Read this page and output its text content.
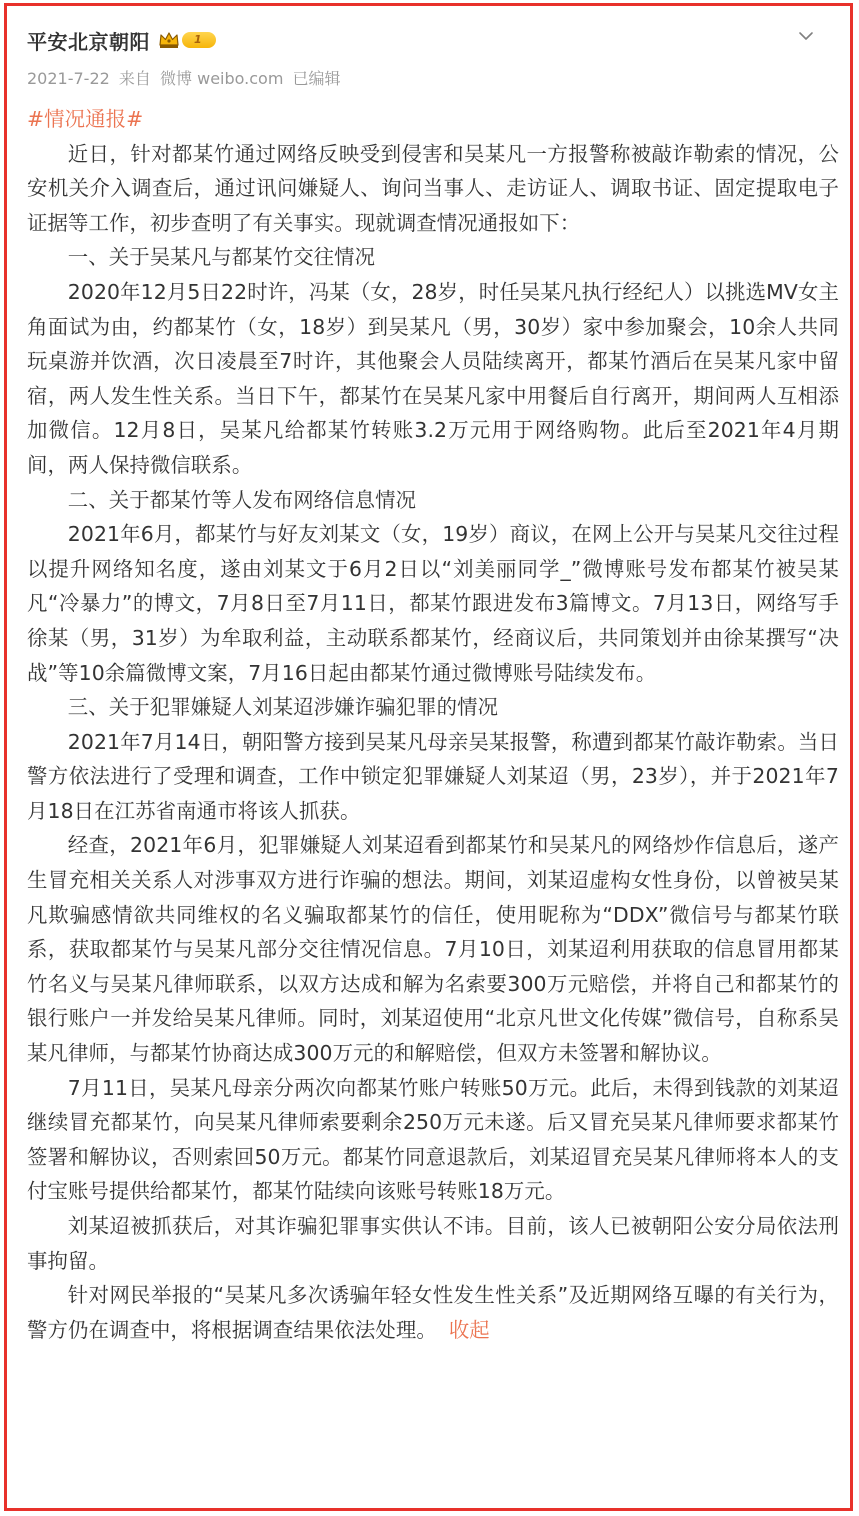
平安北京朝阳	1
2021-7-22 来自 微博 weibo.com 已编辑
#情况通报#

近日，针对都某竹通过网络反映受到侵害和吴某凡一方报警称被敲诈勒索的情况，公安机关介入调查后，通过讯问嫌疑人、询问当事人、走访证人、调取书证、固定提取电子证据等工作，初步查明了有关事实。现就调查情况通报如下：

一、关于吴某凡与都某竹交往情况

2020年12月5日22时许，冯某（女，28岁，时任吴某凡执行经纪人）以挑选MV女主角面试为由，约都某竹（女，18岁）到吴某凡（男，30岁）家中参加聚会，10余人共同玩桌游并饮酒，次日凌晨至7时许，其他聚会人员陆续离开，都某竹酒后在吴某凡家中留宿，两人发生性关系。当日下午，都某竹在吴某凡家中用餐后自行离开，期间两人互相添加微信。12月8日，吴某凡给都某竹转账3.2万元用于网络购物。此后至2021年4月期间，两人保持微信联系。

二、关于都某竹等人发布网络信息情况

2021年6月，都某竹与好友刘某文（女，19岁）商议，在网上公开与吴某凡交往过程以提升网络知名度，遂由刘某文于6月2日以“刘美丽同学_”微博账号发布都某竹被吴某凡“冷暴力”的博文，7月8日至7月11日，都某竹跟进发布3篇博文。7月13日，网络写手徐某（男，31岁）为牟取利益，主动联系都某竹，经商议后，共同策划并由徐某撰写“决战”等10余篇微博文案，7月16日起由都某竹通过微博账号陆续发布。

三、关于犯罪嫌疑人刘某迢涉嫌诈骗犯罪的情况

2021年7月14日，朝阳警方接到吴某凡母亲吴某报警，称遭到都某竹敲诈勒索。当日警方依法进行了受理和调查，工作中锁定犯罪嫌疑人刘某迢（男，23岁），并于2021年7月18日在江苏省南通市将该人抓获。

经查，2021年6月，犯罪嫌疑人刘某迢看到都某竹和吴某凡的网络炒作信息后，遂产生冒充相关关系人对涉事双方进行诈骗的想法。期间，刘某迢虚构女性身份，以曾被吴某凡欺骗感情欲共同维权的名义骗取都某竹的信任，使用昵称为“DDX”微信号与都某竹联系，获取都某竹与吴某凡部分交往情况信息。7月10日，刘某迢利用获取的信息冒用都某竹名义与吴某凡律师联系，以双方达成和解为名索要300万元赔偿，并将自己和都某竹的银行账户一并发给吴某凡律师。同时，刘某迢使用“北京凡世文化传媒”微信号，自称系吴某凡律师，与都某竹协商达成300万元的和解赔偿，但双方未签署和解协议。

7月11日，吴某凡母亲分两次向都某竹账户转账50万元。此后，未得到钱款的刘某迢继续冒充都某竹，向吴某凡律师索要剩余250万元未遂。后又冒充吴某凡律师要求都某竹签署和解协议，否则索回50万元。都某竹同意退款后，刘某迢冒充吴某凡律师将本人的支付宝账号提供给都某竹，都某竹陆续向该账号转账18万元。

刘某迢被抓获后，对其诈骗犯罪事实供认不讳。目前，该人已被朝阳公安分局依法刑事拘留。

针对网民举报的“吴某凡多次诱骗年轻女性发生性关系”及近期网络互曝的有关行为，警方仍在调查中，将根据调查结果依法处理。 收起
